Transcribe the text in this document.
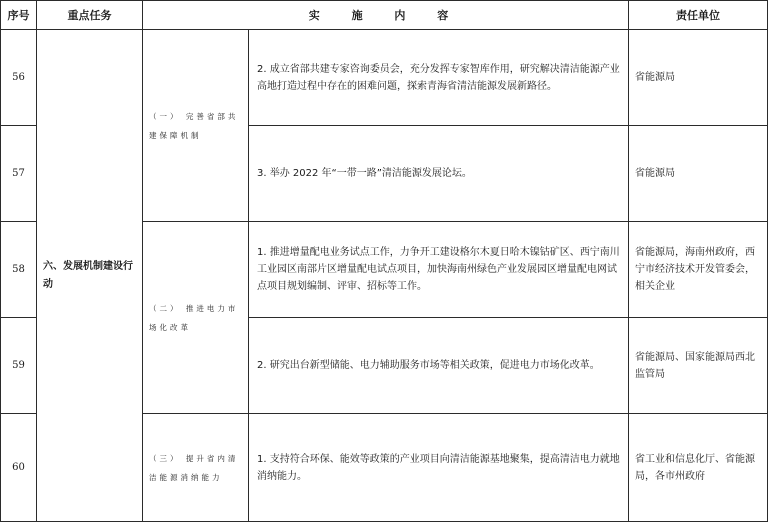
序号	重点任务	实 施 内 容		责任单位
56	六、发展机制建设行动	（一） 完善省部共建保障机制	2. 成立省部共建专家咨询委员会，充分发挥专家智库作用，研究解决清洁能源产业高地打造过程中存在的困难问题，探索青海省清洁能源发展新路径。	省能源局
57			3. 举办 2022 年“一带一路”清洁能源发展论坛。	省能源局
58		（二） 推进电力市场化改革	1. 推进增量配电业务试点工作，力争开工建设格尔木夏日哈木镍钴矿区、西宁南川工业园区南部片区增量配电试点项目，加快海南州绿色产业发展园区增量配电网试点项目规划编制、评审、招标等工作。	省能源局，海南州政府，西宁市经济技术开发管委会，相关企业
59			2. 研究出台新型储能、电力辅助服务市场等相关政策，促进电力市场化改革。	省能源局、国家能源局西北监管局
60		（三） 提升省内清洁能源消纳能力	1. 支持符合环保、能效等政策的产业项目向清洁能源基地聚集，提高清洁电力就地消纳能力。	省工业和信息化厅、省能源局，各市州政府
